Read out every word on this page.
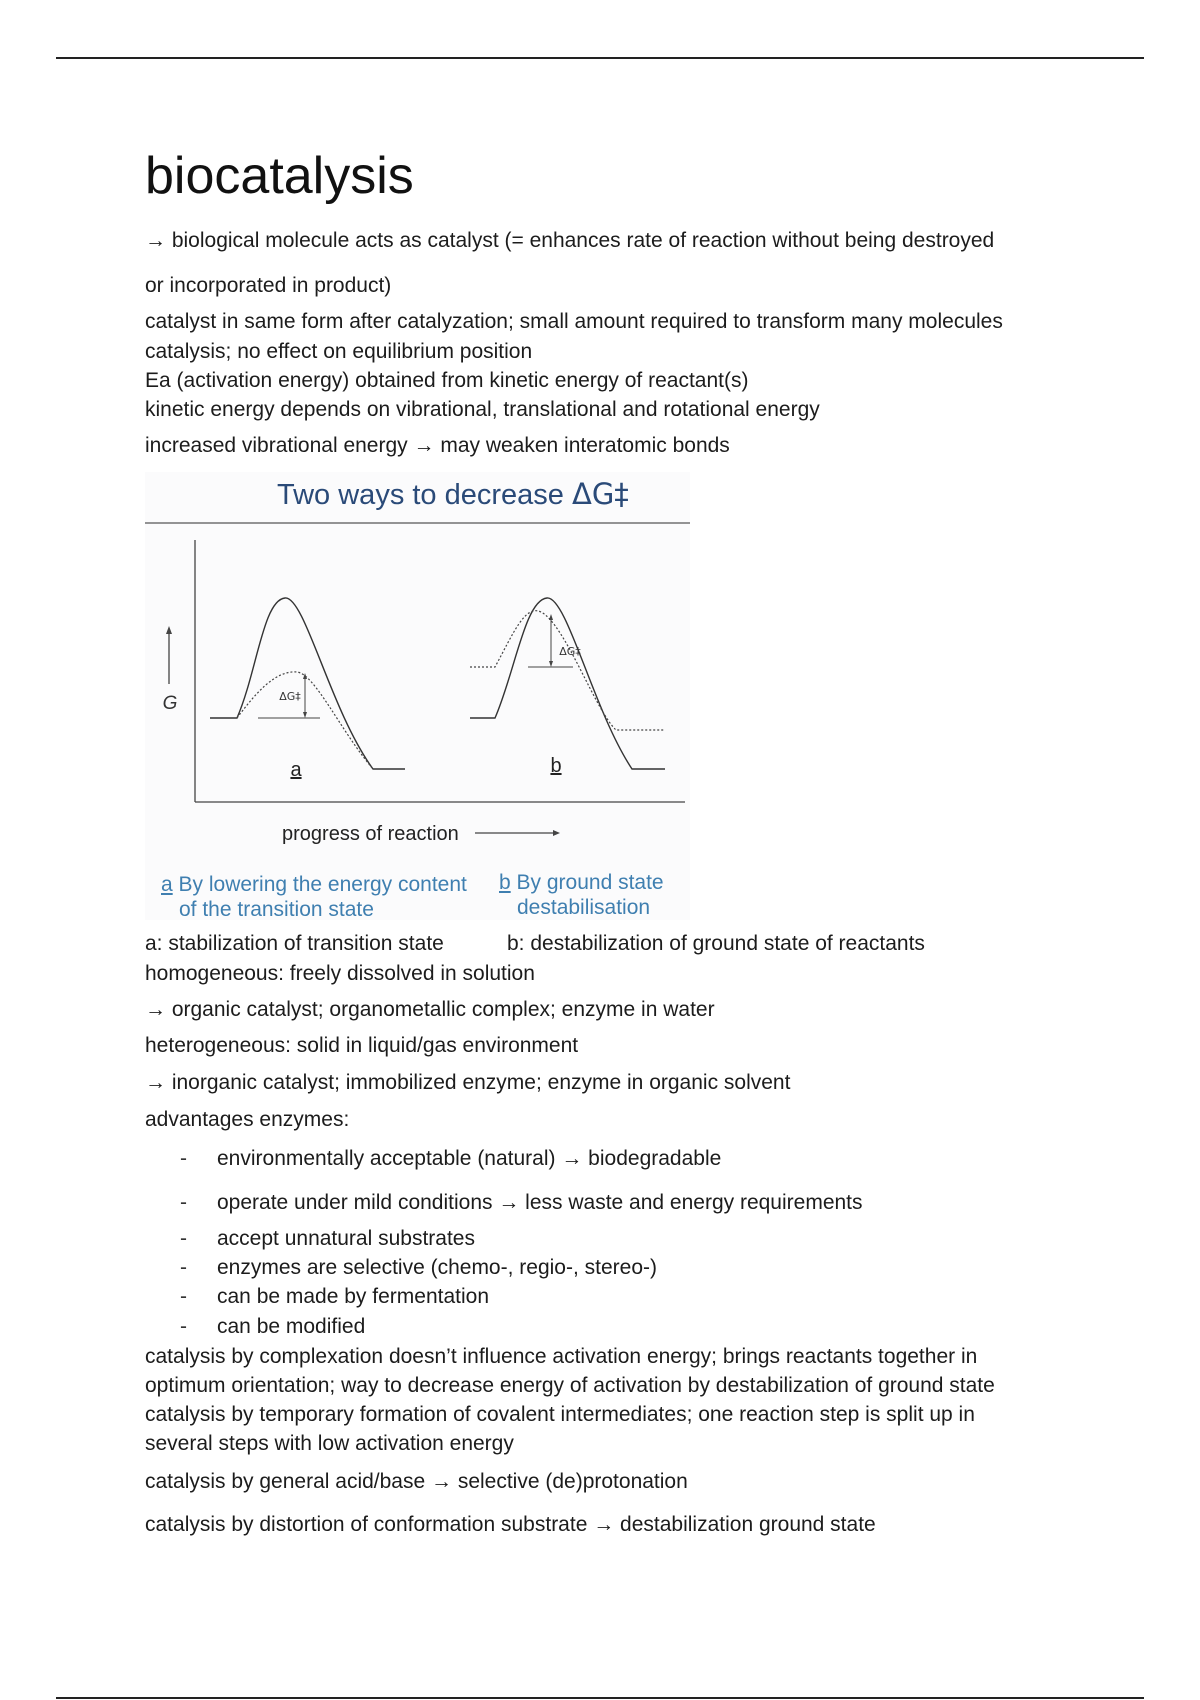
biocatalysis
→ biological molecule acts as catalyst (= enhances rate of reaction without being destroyed
or incorporated in product)
catalyst in same form after catalyzation; small amount required to transform many molecules
catalysis; no effect on equilibrium position
Ea (activation energy) obtained from kinetic energy of reactant(s)
kinetic energy depends on vibrational, translational and rotational energy
increased vibrational energy → may weaken interatomic bonds
Two ways to decrease ΔG‡
G	ΔG‡
a
ΔG‡
b
progress of reaction
a By lowering the energy content
of the transition state
b By ground state
destabilisation
a: stabilization of transition state	b: destabilization of ground state of reactants
homogeneous: freely dissolved in solution
→ organic catalyst; organometallic complex; enzyme in water
heterogeneous: solid in liquid/gas environment
→ inorganic catalyst; immobilized enzyme; enzyme in organic solvent
advantages enzymes:
- environmentally acceptable (natural) → biodegradable
- operate under mild conditions → less waste and energy requirements
- accept unnatural substrates
- enzymes are selective (chemo-, regio-, stereo-)
- can be made by fermentation
- can be modified
catalysis by complexation doesn’t influence activation energy; brings reactants together in
optimum orientation; way to decrease energy of activation by destabilization of ground state
catalysis by temporary formation of covalent intermediates; one reaction step is split up in
several steps with low activation energy
catalysis by general acid/base → selective (de)protonation
catalysis by distortion of conformation substrate → destabilization ground state
